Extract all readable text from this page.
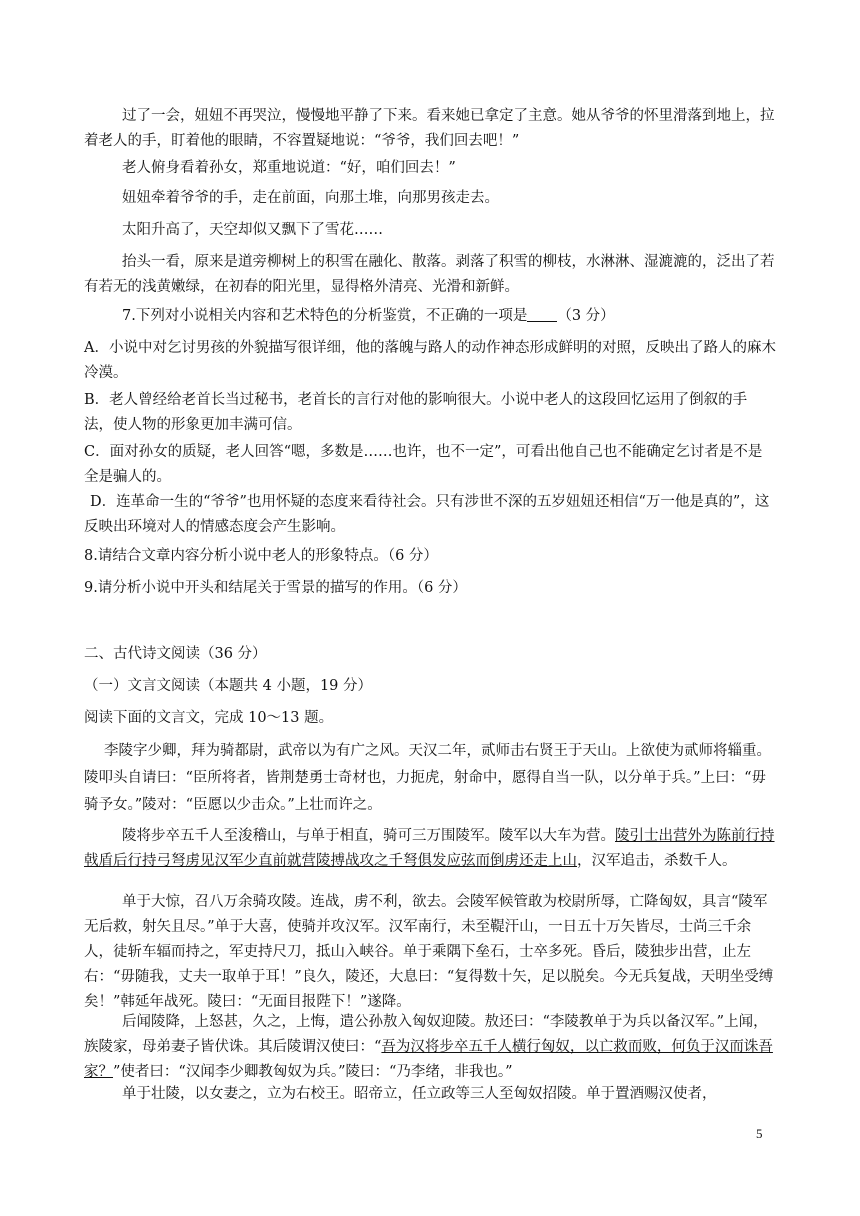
过了一会，妞妞不再哭泣，慢慢地平静了下来。看来她已拿定了主意。她从爷爷的怀里滑落到地上，拉着老人的手，盯着他的眼睛，不容置疑地说：“爷爷，我们回去吧！”

老人俯身看着孙女，郑重地说道：“好，咱们回去！”

妞妞牵着爷爷的手，走在前面，向那土堆，向那男孩走去。

太阳升高了，天空却似又飘下了雪花……

抬头一看，原来是道旁柳树上的积雪在融化、散落。剥落了积雪的柳枝，水淋淋、湿漉漉的，泛出了若有若无的浅黄嫩绿，在初春的阳光里，显得格外清亮、光滑和新鲜。

7.下列对小说相关内容和艺术特色的分析鉴赏，不正确的一项是 （3 分）

A．小说中对乞讨男孩的外貌描写很详细，他的落魄与路人的动作神态形成鲜明的对照，反映出了路人的麻木冷漠。

B．老人曾经给老首长当过秘书，老首长的言行对他的影响很大。小说中老人的这段回忆运用了倒叙的手法，使人物的形象更加丰满可信。

C．面对孙女的质疑，老人回答“嗯，多数是……也许，也不一定”，可看出他自己也不能确定乞讨者是不是全是骗人的。

D．连革命一生的“爷爷”也用怀疑的态度来看待社会。只有涉世不深的五岁妞妞还相信“万一他是真的”，这反映出环境对人的情感态度会产生影响。

8.请结合文章内容分析小说中老人的形象特点。（6 分）

9.请分析小说中开头和结尾关于雪景的描写的作用。（6 分）

二、古代诗文阅读（36 分）

（一）文言文阅读（本题共 4 小题，19 分）

阅读下面的文言文，完成 10～13 题。

李陵字少卿，拜为骑都尉，武帝以为有广之风。天汉二年，贰师击右贤王于天山。上欲使为贰师将辎重。陵叩头自请曰：“臣所将者，皆荆楚勇士奇材也，力扼虎，射命中，愿得自当一队，以分单于兵。”上曰：“毋骑予女。”陵对：“臣愿以少击众。”上壮而许之。

陵将步卒五千人至浚稽山，与单于相直，骑可三万围陵军。陵军以大车为营。陵引士出营外为陈前行持戟盾后行持弓弩虏见汉军少直前就营陵搏战攻之千弩俱发应弦而倒虏还走上山，汉军追击，杀数千人。

单于大惊，召八万余骑攻陵。连战，虏不利，欲去。会陵军候管敢为校尉所辱，亡降匈奴，具言“陵军无后救，射矢且尽。”单于大喜，使骑并攻汉军。汉军南行，未至鞮汗山，一日五十万矢皆尽，士尚三千余人，徒斩车辐而持之，军吏持尺刀，抵山入峡谷。单于乘隅下垒石，士卒多死。昏后，陵独步出营，止左右：“毋随我，丈夫一取单于耳！”良久，陵还，大息曰：“复得数十矢，足以脱矣。今无兵复战，天明坐受缚矣！”韩延年战死。陵曰：“无面目报陛下！”遂降。

后闻陵降，上怒甚，久之，上悔，遣公孙敖入匈奴迎陵。敖还曰：“李陵教单于为兵以备汉军。”上闻，族陵家，母弟妻子皆伏诛。其后陵谓汉使曰：“吾为汉将步卒五千人横行匈奴，以亡救而败，何负于汉而诛吾家？”使者曰：“汉闻李少卿教匈奴为兵。”陵曰：“乃李绪，非我也。”

单于壮陵，以女妻之，立为右校王。昭帝立，任立政等三人至匈奴招陵。单于置酒赐汉使者，

5
